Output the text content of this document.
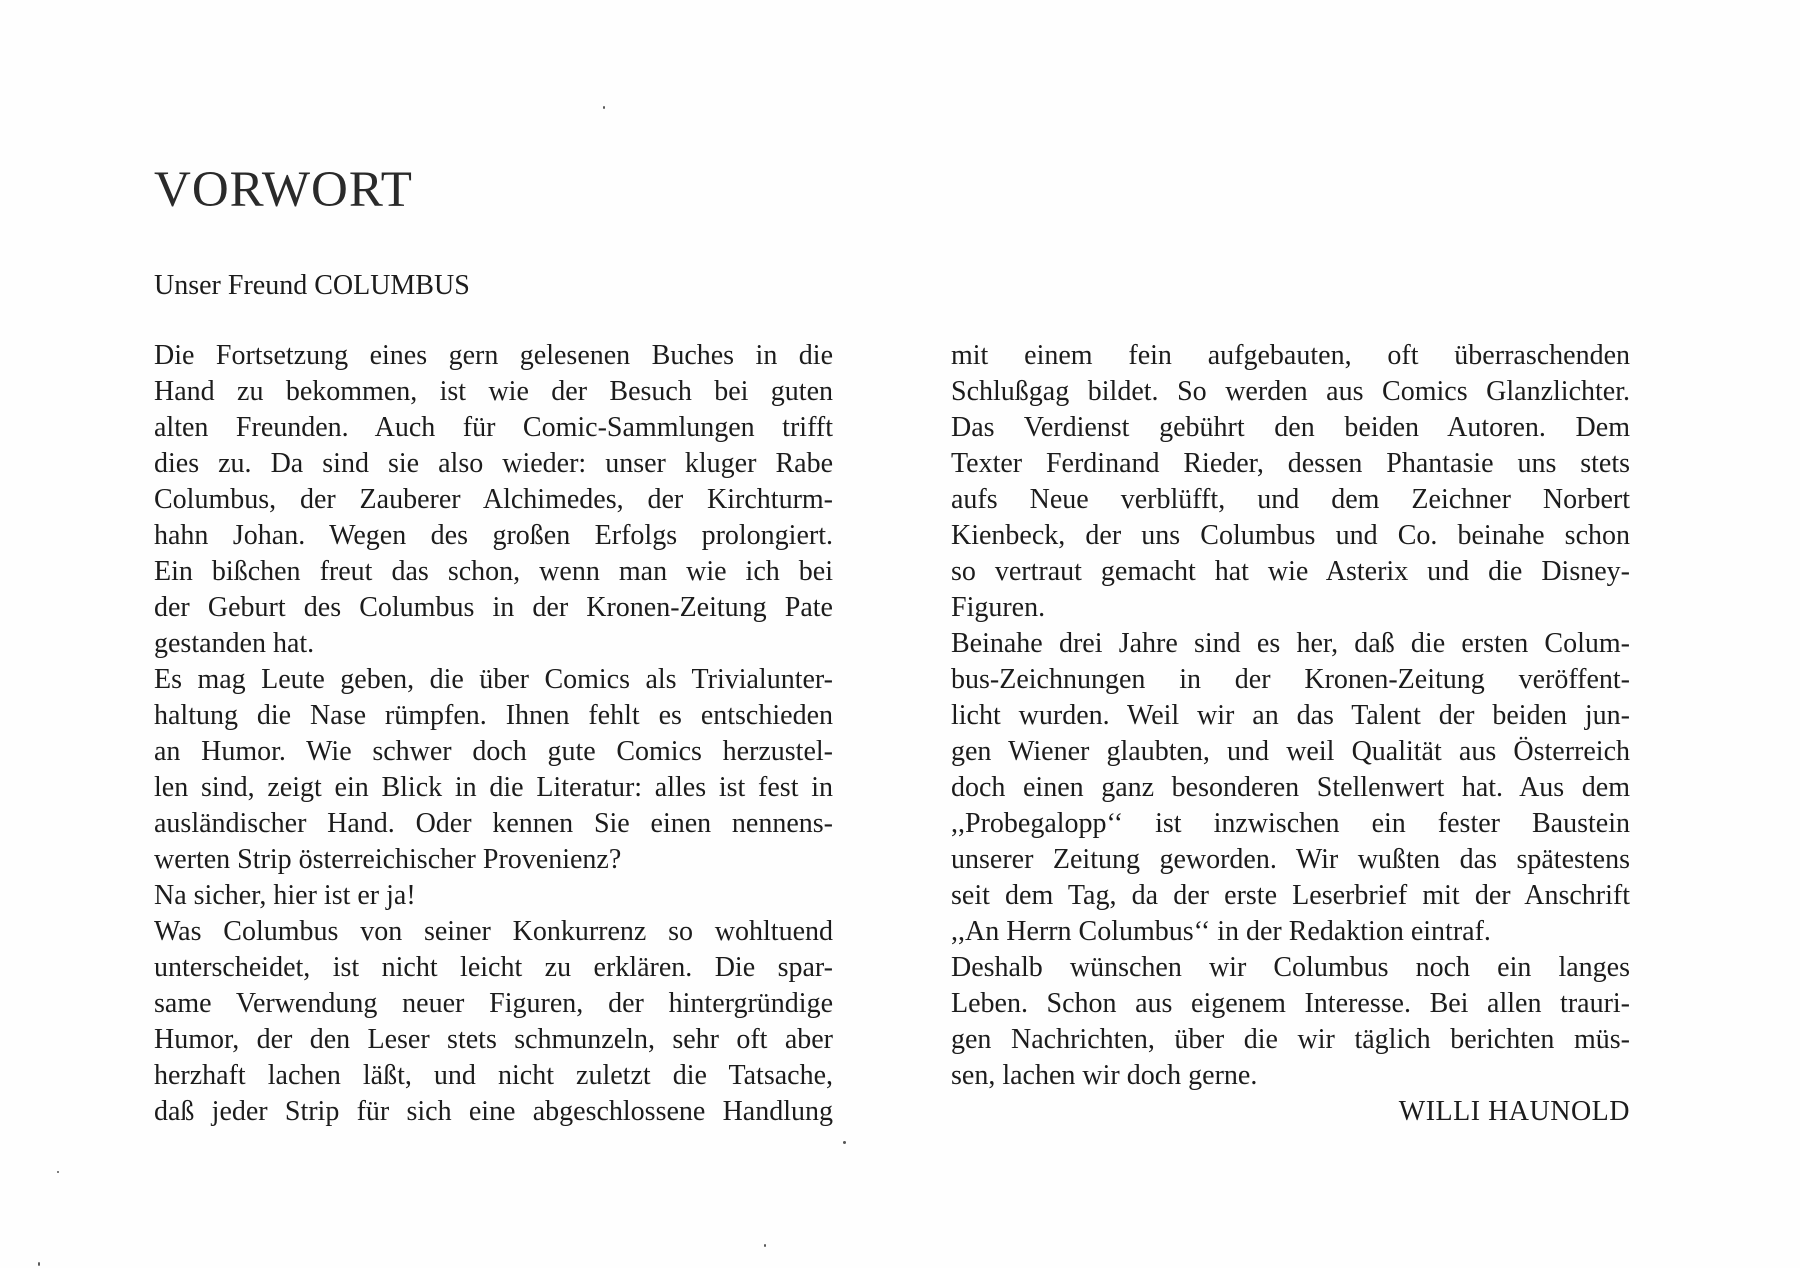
VORWORT

Unser Freund COLUMBUS

Die Fortsetzung eines gern gelesenen Buches in die
Hand zu bekommen, ist wie der Besuch bei guten
alten Freunden. Auch für Comic-Sammlungen trifft
dies zu. Da sind sie also wieder: unser kluger Rabe
Columbus, der Zauberer Alchimedes, der Kirchturm-
hahn Johan. Wegen des großen Erfolgs prolongiert.
Ein bißchen freut das schon, wenn man wie ich bei
der Geburt des Columbus in der Kronen-Zeitung Pate
gestanden hat.
Es mag Leute geben, die über Comics als Trivialunter-
haltung die Nase rümpfen. Ihnen fehlt es entschieden
an Humor. Wie schwer doch gute Comics herzustel-
len sind, zeigt ein Blick in die Literatur: alles ist fest in
ausländischer Hand. Oder kennen Sie einen nennens-
werten Strip österreichischer Provenienz?
Na sicher, hier ist er ja!
Was Columbus von seiner Konkurrenz so wohltuend
unterscheidet, ist nicht leicht zu erklären. Die spar-
same Verwendung neuer Figuren, der hintergründige
Humor, der den Leser stets schmunzeln, sehr oft aber
herzhaft lachen läßt, und nicht zuletzt die Tatsache,
daß jeder Strip für sich eine abgeschlossene Handlung
mit einem fein aufgebauten, oft überraschenden
Schlußgag bildet. So werden aus Comics Glanzlichter.
Das Verdienst gebührt den beiden Autoren. Dem
Texter Ferdinand Rieder, dessen Phantasie uns stets
aufs Neue verblüfft, und dem Zeichner Norbert
Kienbeck, der uns Columbus und Co. beinahe schon
so vertraut gemacht hat wie Asterix und die Disney-
Figuren.
Beinahe drei Jahre sind es her, daß die ersten Colum-
bus-Zeichnungen in der Kronen-Zeitung veröffent-
licht wurden. Weil wir an das Talent der beiden jun-
gen Wiener glaubten, und weil Qualität aus Österreich
doch einen ganz besonderen Stellenwert hat. Aus dem
,,Probegalopp‘‘ ist inzwischen ein fester Baustein
unserer Zeitung geworden. Wir wußten das spätestens
seit dem Tag, da der erste Leserbrief mit der Anschrift
,,An Herrn Columbus‘‘ in der Redaktion eintraf.
Deshalb wünschen wir Columbus noch ein langes
Leben. Schon aus eigenem Interesse. Bei allen trauri-
gen Nachrichten, über die wir täglich berichten müs-
sen, lachen wir doch gerne.
WILLI HAUNOLD
